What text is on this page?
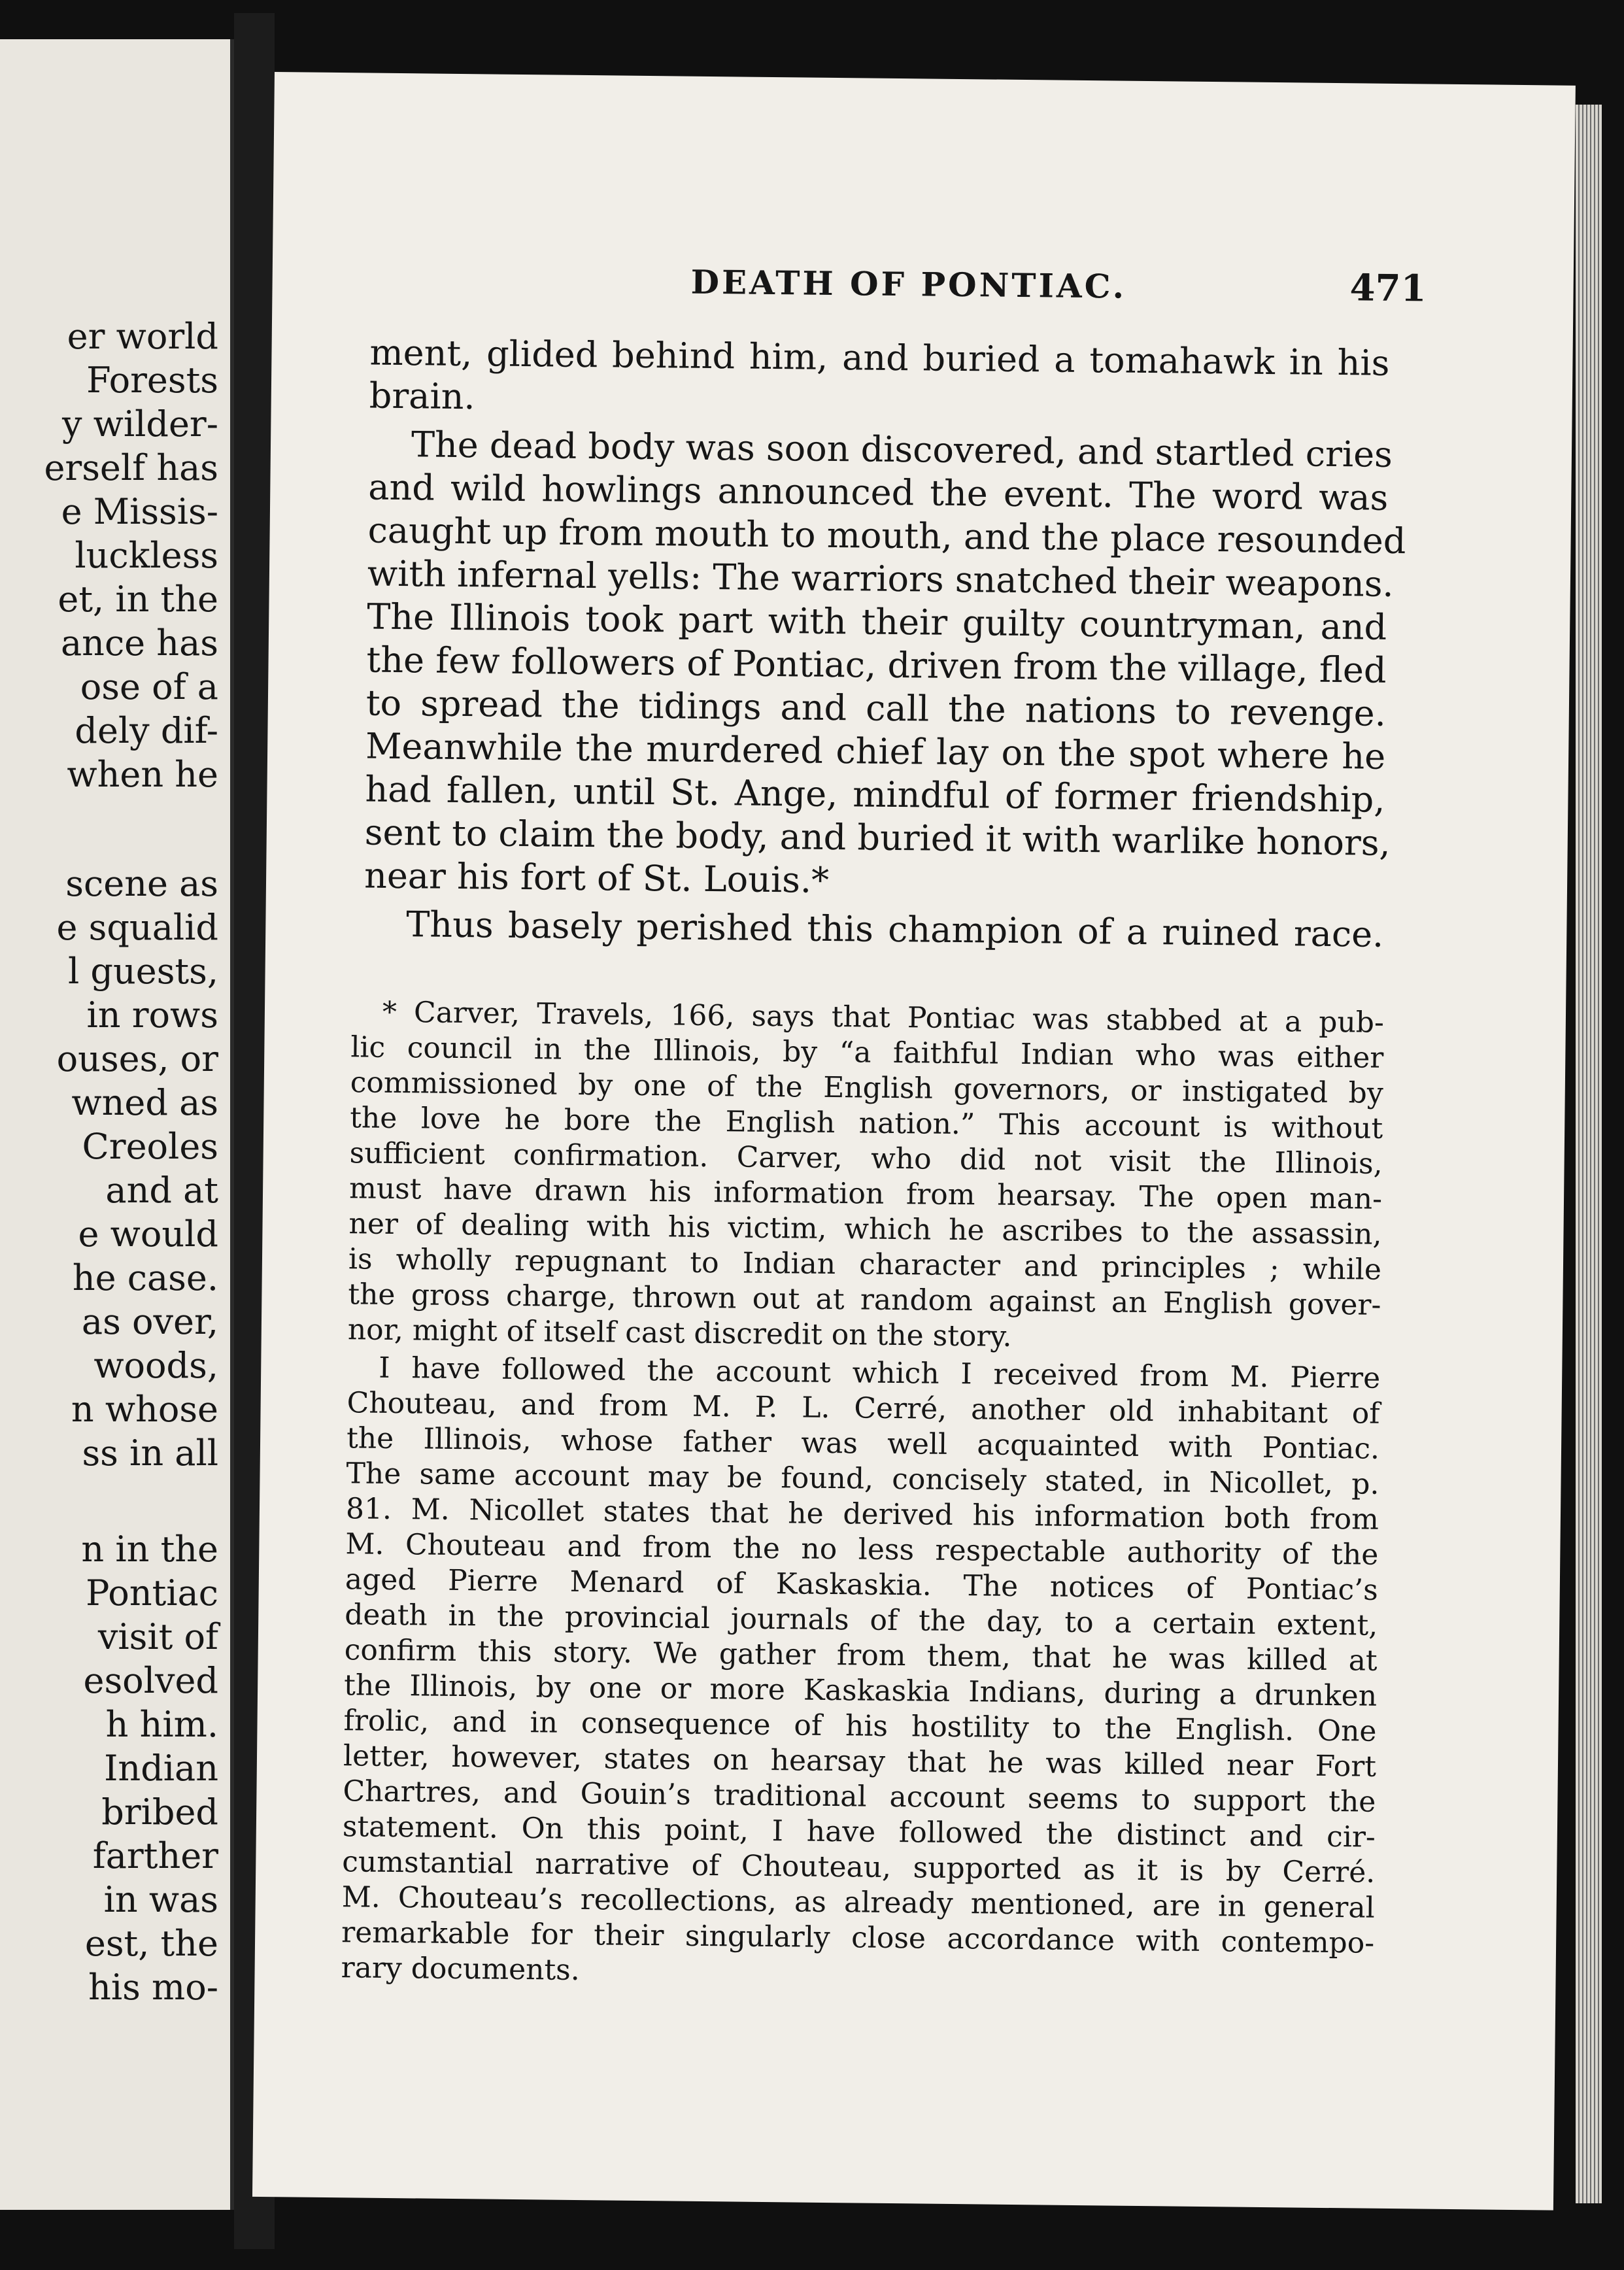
er world
Forests
y wilder-
erself has
e Missis-
luckless
et, in the
ance has
ose of a
dely dif-
when he
scene as
e squalid
l guests,
in rows
ouses, or
wned as
Creoles
and at
e would
he case.
as over,
woods,
n whose
ss in all
n in the
Pontiac
visit of
esolved
h him.
Indian
bribed
farther
in was
est, the
his mo-
DEATH OF PONTIAC.	471
ment, glided behind him, and buried a tomahawk in his
brain.
The dead body was soon discovered, and startled cries
and wild howlings announced the event. The word was
caught up from mouth to mouth, and the place resounded
with infernal yells: The warriors snatched their weapons.
The Illinois took part with their guilty countryman, and
the few followers of Pontiac, driven from the village, fled
to spread the tidings and call the nations to revenge.
Meanwhile the murdered chief lay on the spot where he
had fallen, until St. Ange, mindful of former friendship,
sent to claim the body, and buried it with warlike honors,
near his fort of St. Louis.*
Thus basely perished this champion of a ruined race.
* Carver, Travels, 166, says that Pontiac was stabbed at a pub-
lic council in the Illinois, by “a faithful Indian who was either
commissioned by one of the English governors, or instigated by
the love he bore the English nation.” This account is without
sufficient confirmation. Carver, who did not visit the Illinois,
must have drawn his information from hearsay. The open man-
ner of dealing with his victim, which he ascribes to the assassin,
is wholly repugnant to Indian character and principles ; while
the gross charge, thrown out at random against an English gover-
nor, might of itself cast discredit on the story.
I have followed the account which I received from M. Pierre
Chouteau, and from M. P. L. Cerré, another old inhabitant of
the Illinois, whose father was well acquainted with Pontiac.
The same account may be found, concisely stated, in Nicollet, p.
81. M. Nicollet states that he derived his information both from
M. Chouteau and from the no less respectable authority of the
aged Pierre Menard of Kaskaskia. The notices of Pontiac’s
death in the provincial journals of the day, to a certain extent,
confirm this story. We gather from them, that he was killed at
the Illinois, by one or more Kaskaskia Indians, during a drunken
frolic, and in consequence of his hostility to the English. One
letter, however, states on hearsay that he was killed near Fort
Chartres, and Gouin’s traditional account seems to support the
statement. On this point, I have followed the distinct and cir-
cumstantial narrative of Chouteau, supported as it is by Cerré.
M. Chouteau’s recollections, as already mentioned, are in general
remarkable for their singularly close accordance with contempo-
rary documents.
